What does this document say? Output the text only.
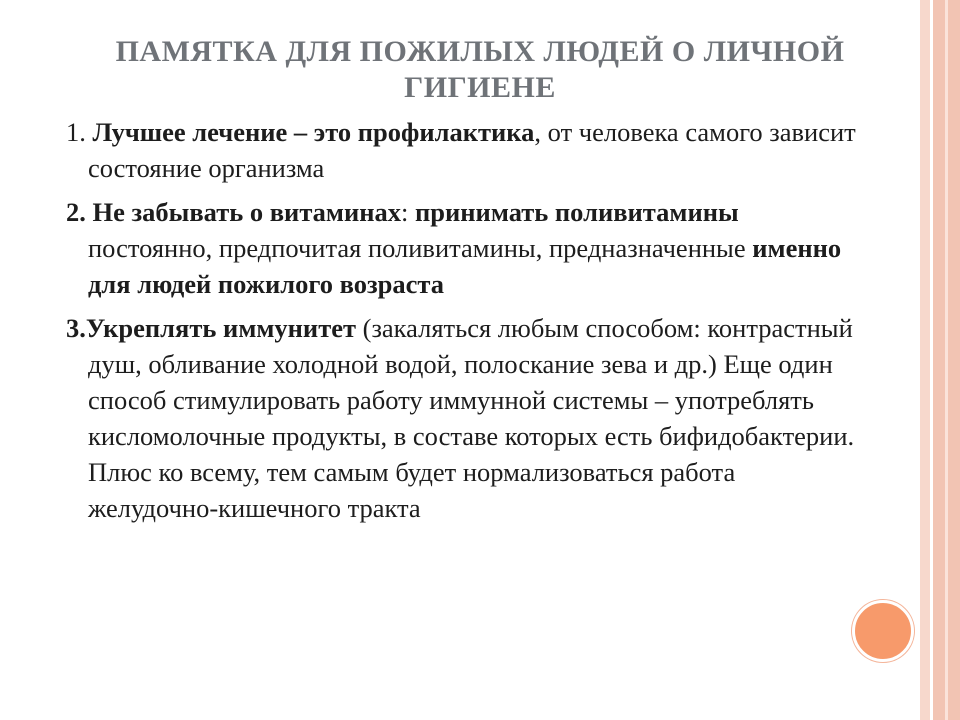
ПАМЯТКА ДЛЯ ПОЖИЛЫХ ЛЮДЕЙ О ЛИЧНОЙ ГИГИЕНЕ

1. Лучшее лечение – это профилактика, от человека самого зависит состояние организма

2. Не забывать о витаминах: принимать поливитамины постоянно, предпочитая поливитамины, предназначенные именно для людей пожилого возраста

3.Укреплять иммунитет (закаляться любым способом: контрастный душ, обливание холодной водой, полоскание зева и др.) Еще один способ стимулировать работу иммунной системы – употреблять кисломолочные продукты, в составе которых есть бифидобактерии. Плюс ко всему, тем самым будет нормализоваться работа желудочно-кишечного тракта
